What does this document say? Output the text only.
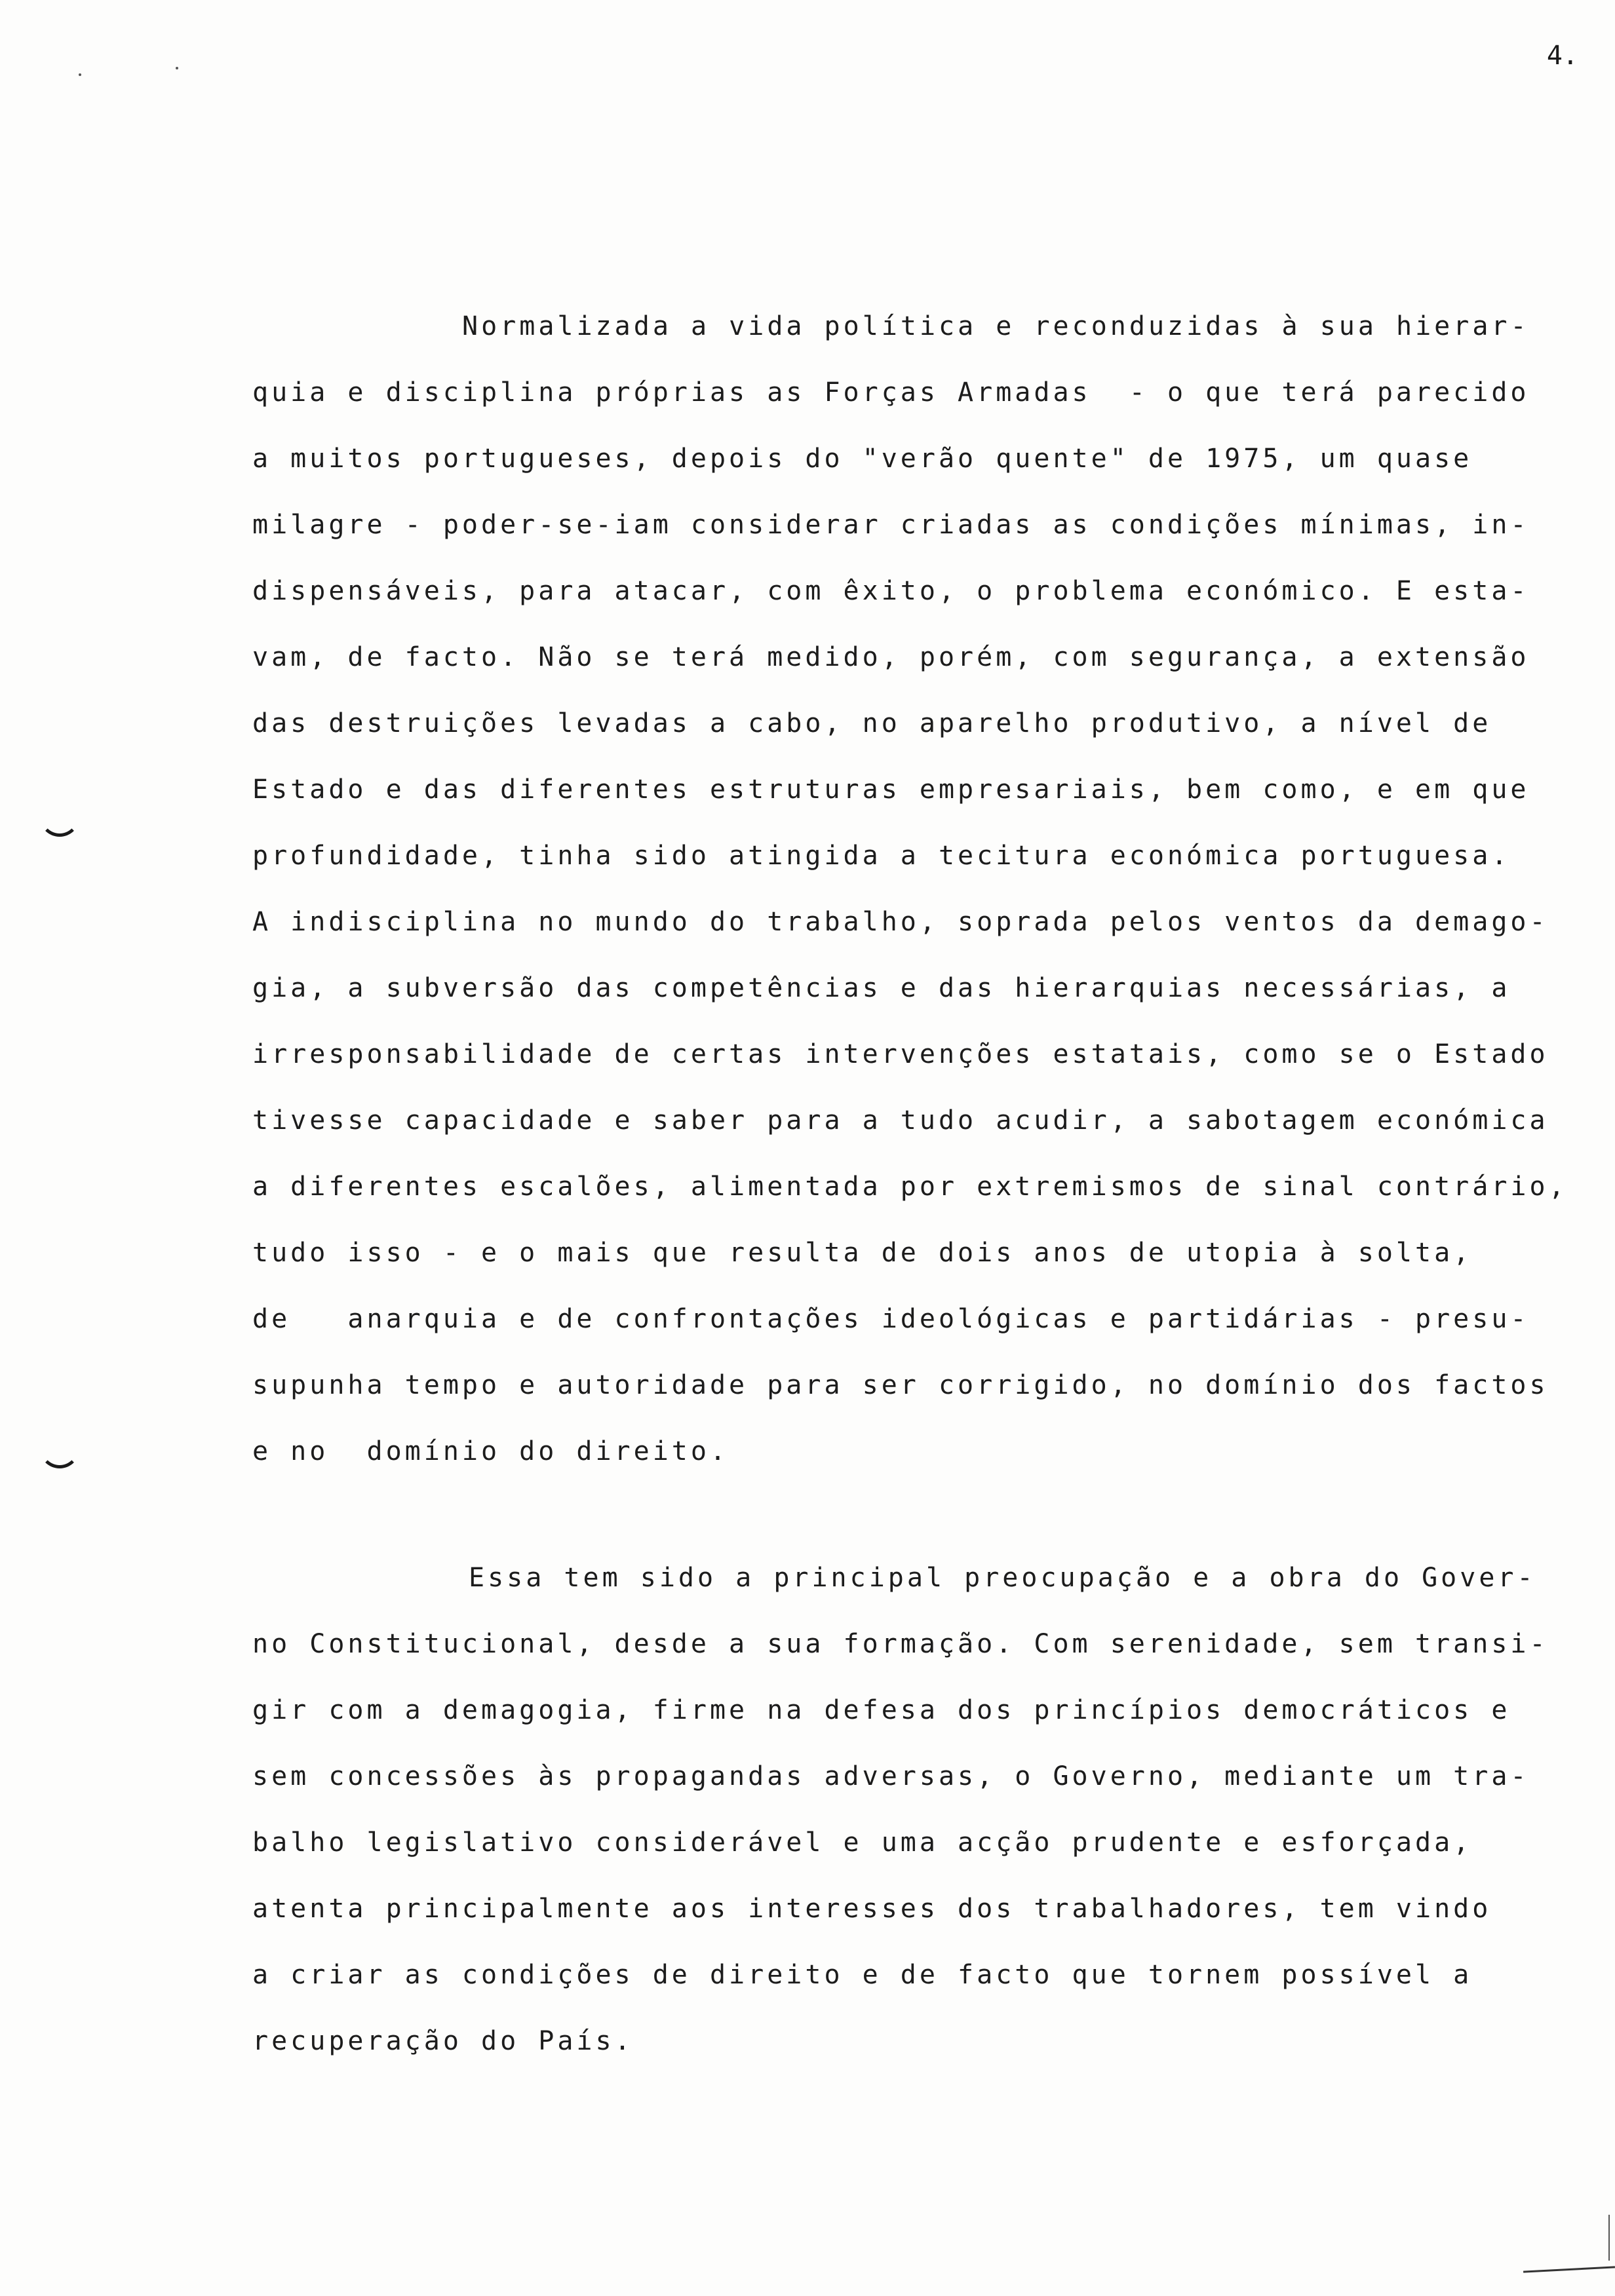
4.

Normalizada a vida política e reconduzidas à sua hierar-

quia e disciplina próprias as Forças Armadas  - o que terá parecido

a muitos portugueses, depois do "verão quente" de 1975, um quase

milagre - poder-se-iam considerar criadas as condições mínimas, in-

dispensáveis, para atacar, com êxito, o problema económico. E esta-

vam, de facto. Não se terá medido, porém, com segurança, a extensão

das destruições levadas a cabo, no aparelho produtivo, a nível de

Estado e das diferentes estruturas empresariais, bem como, e em que

profundidade, tinha sido atingida a tecitura económica portuguesa.

A indisciplina no mundo do trabalho, soprada pelos ventos da demago-

gia, a subversão das competências e das hierarquias necessárias, a

irresponsabilidade de certas intervenções estatais, como se o Estado

tivesse capacidade e saber para a tudo acudir, a sabotagem económica

a diferentes escalões, alimentada por extremismos de sinal contrário,

tudo isso - e o mais que resulta de dois anos de utopia à solta,

de   anarquia e de confrontações ideológicas e partidárias - presu-

supunha tempo e autoridade para ser corrigido, no domínio dos factos

e no  domínio do direito.

Essa tem sido a principal preocupação e a obra do Gover-

no Constitucional, desde a sua formação. Com serenidade, sem transi-

gir com a demagogia, firme na defesa dos princípios democráticos e

sem concessões às propagandas adversas, o Governo, mediante um tra-

balho legislativo considerável e uma acção prudente e esforçada,

atenta principalmente aos interesses dos trabalhadores, tem vindo

a criar as condições de direito e de facto que tornem possível a

recuperação do País.
